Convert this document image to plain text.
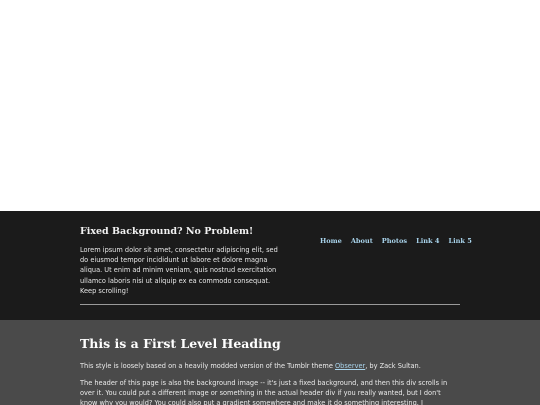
Fixed Background? No Problem!

Lorem ipsum dolor sit amet, consectetur adipiscing elit, sed do eiusmod tempor incididunt ut labore et dolore magna aliqua. Ut enim ad minim veniam, quis nostrud exercitation ullamco laboris nisi ut aliquip ex ea commodo consequat. Keep scrolling!

Home About Photos Link 4 Link 5
This is a First Level Heading

This style is loosely based on a heavily modded version of the Tumblr theme Observer, by Zack Sultan.

The header of this page is also the background image -- it's just a fixed background, and then this div scrolls in over it. You could put a different image or something in the actual header div if you really wanted, but I don't know why you would? You could also put a gradient somewhere and make it do something interesting. I
